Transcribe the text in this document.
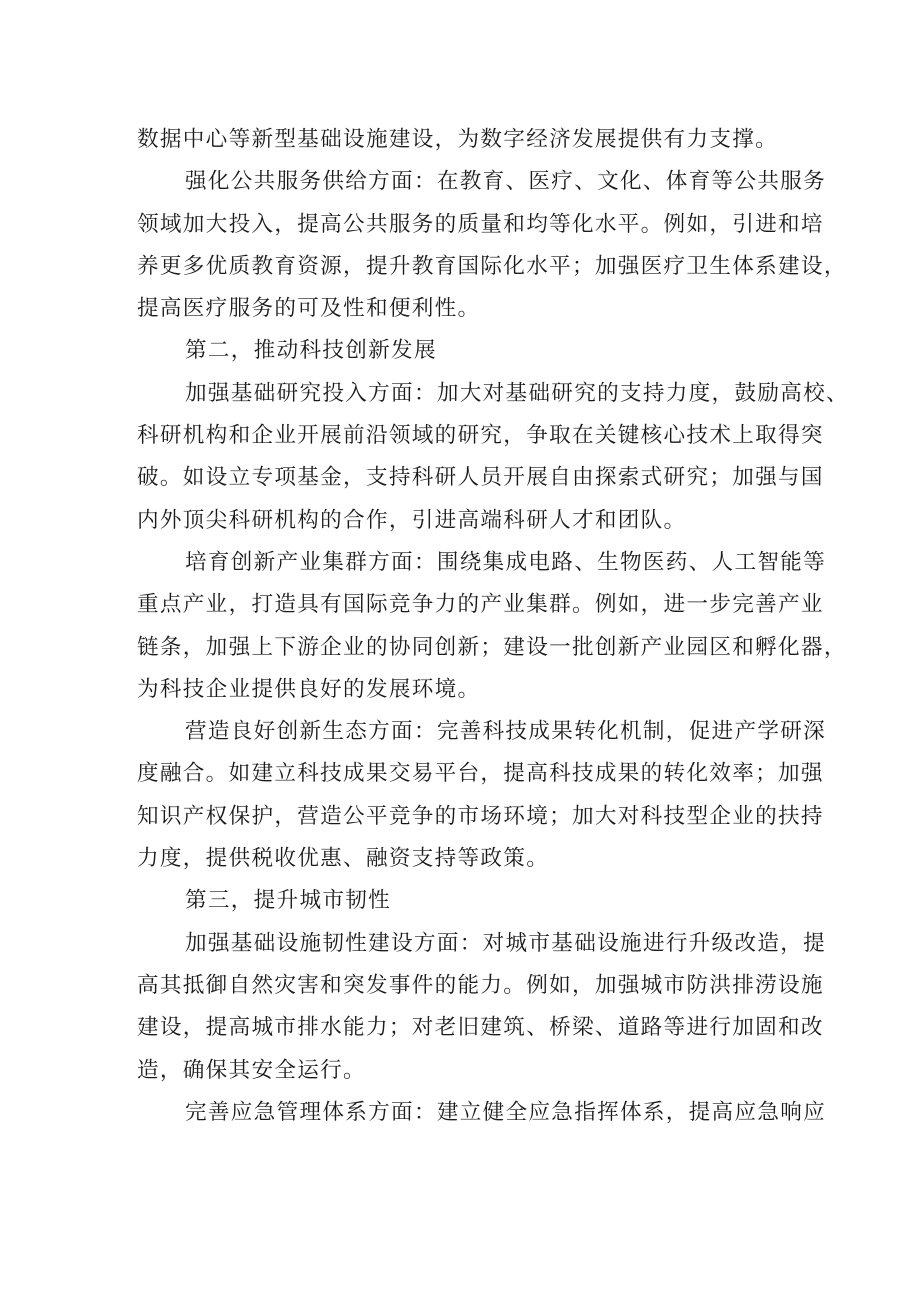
数据中心等新型基础设施建设，为数字经济发展提供有力支撑。
强化公共服务供给方面：在教育、医疗、文化、体育等公共服务
领域加大投入，提高公共服务的质量和均等化水平。例如，引进和培
养更多优质教育资源，提升教育国际化水平；加强医疗卫生体系建设，
提高医疗服务的可及性和便利性。
第二，推动科技创新发展
加强基础研究投入方面：加大对基础研究的支持力度，鼓励高校、
科研机构和企业开展前沿领域的研究，争取在关键核心技术上取得突
破。如设立专项基金，支持科研人员开展自由探索式研究；加强与国
内外顶尖科研机构的合作，引进高端科研人才和团队。
培育创新产业集群方面：围绕集成电路、生物医药、人工智能等
重点产业，打造具有国际竞争力的产业集群。例如，进一步完善产业
链条，加强上下游企业的协同创新；建设一批创新产业园区和孵化器，
为科技企业提供良好的发展环境。
营造良好创新生态方面：完善科技成果转化机制，促进产学研深
度融合。如建立科技成果交易平台，提高科技成果的转化效率；加强
知识产权保护，营造公平竞争的市场环境；加大对科技型企业的扶持
力度，提供税收优惠、融资支持等政策。
第三，提升城市韧性
加强基础设施韧性建设方面：对城市基础设施进行升级改造，提
高其抵御自然灾害和突发事件的能力。例如，加强城市防洪排涝设施
建设，提高城市排水能力；对老旧建筑、桥梁、道路等进行加固和改
造，确保其安全运行。
完善应急管理体系方面：建立健全应急指挥体系，提高应急响应
